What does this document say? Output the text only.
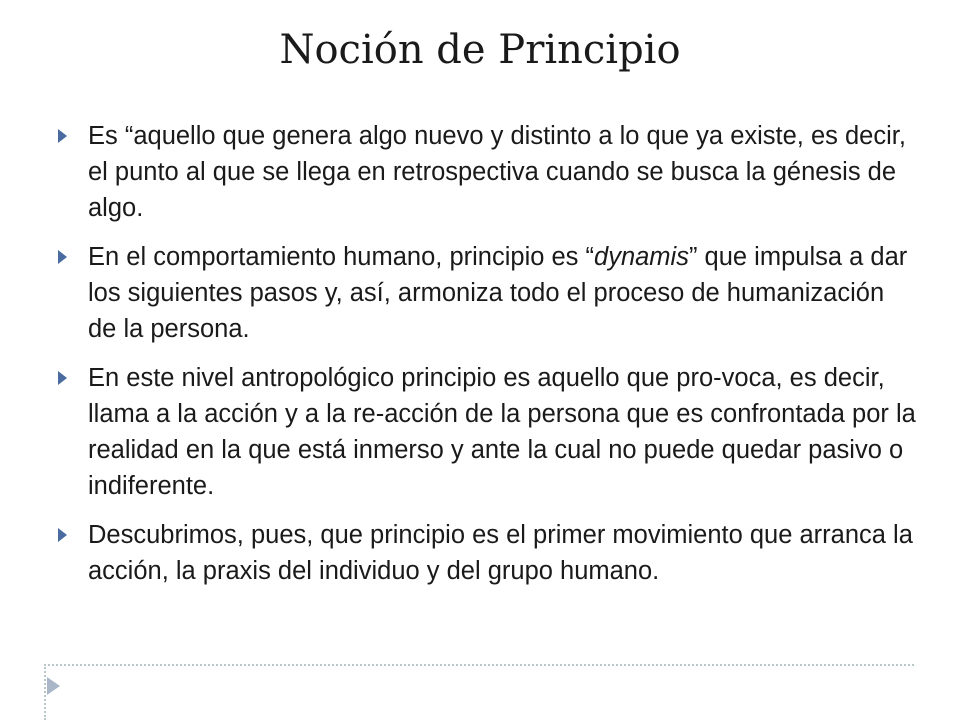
Noción de Principio
Es “aquello que genera algo nuevo y distinto a lo que ya existe, es decir, el punto al que se llega en retrospectiva cuando se busca la génesis de algo.
En el comportamiento humano, principio es “dynamis” que impulsa a dar los siguientes pasos y, así, armoniza todo el proceso de humanización de la persona.
En este nivel antropológico principio es aquello que pro-voca, es decir, llama a la acción y a la re-acción de la persona que es confrontada por la realidad en la que está inmerso y ante la cual no puede quedar pasivo o indiferente.
Descubrimos, pues, que principio es el primer movimiento que arranca la acción, la praxis del individuo y del grupo humano.
